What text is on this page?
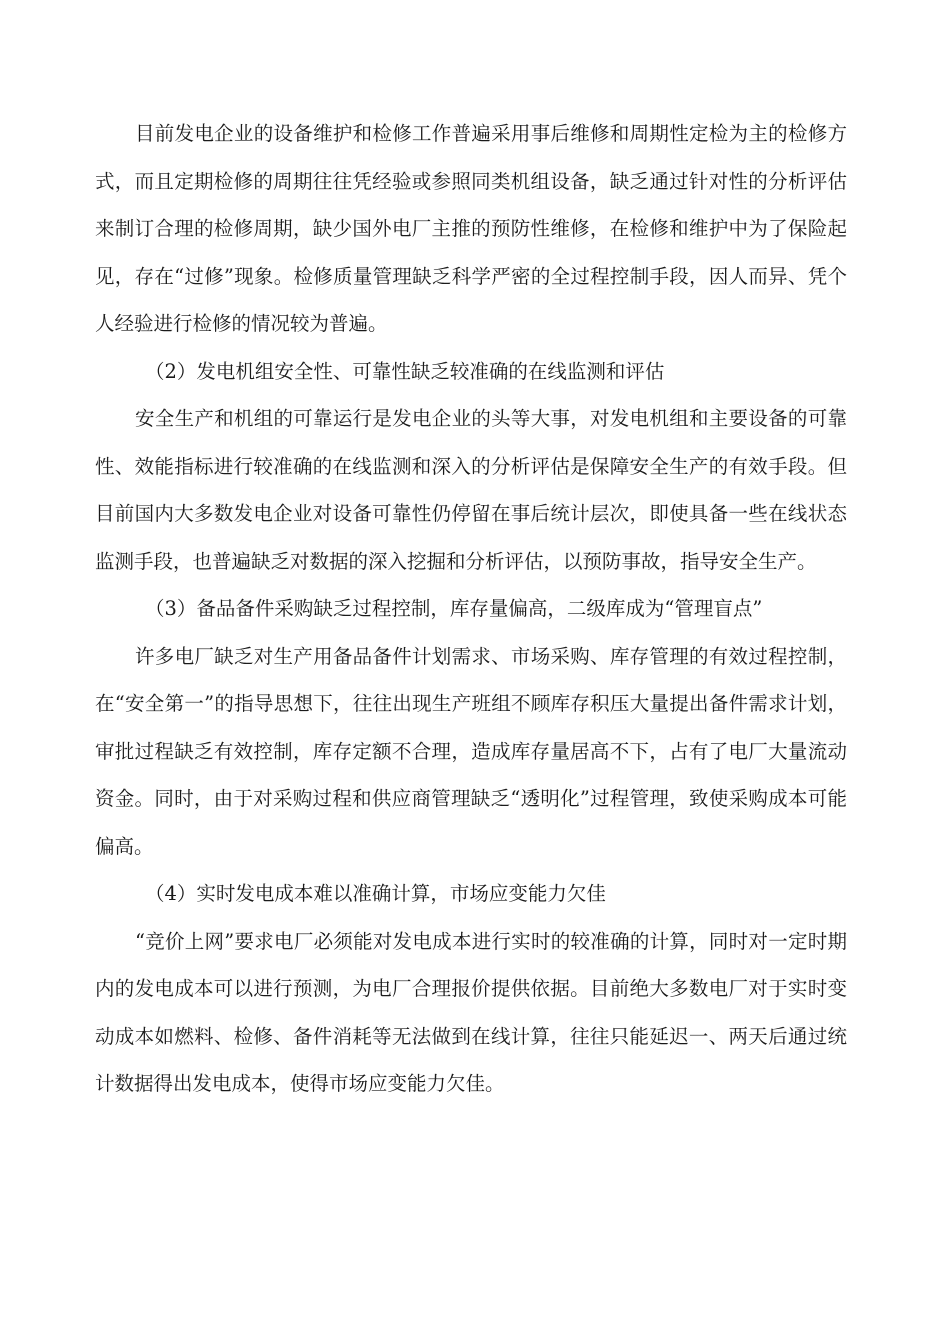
目前发电企业的设备维护和检修工作普遍采用事后维修和周期性定检为主的检修方式，而且定期检修的周期往往凭经验或参照同类机组设备，缺乏通过针对性的分析评估来制订合理的检修周期，缺少国外电厂主推的预防性维修，在检修和维护中为了保险起见，存在“过修”现象。检修质量管理缺乏科学严密的全过程控制手段，因人而异、凭个人经验进行检修的情况较为普遍。

（2）发电机组安全性、可靠性缺乏较准确的在线监测和评估

安全生产和机组的可靠运行是发电企业的头等大事，对发电机组和主要设备的可靠性、效能指标进行较准确的在线监测和深入的分析评估是保障安全生产的有效手段。但目前国内大多数发电企业对设备可靠性仍停留在事后统计层次，即使具备一些在线状态监测手段，也普遍缺乏对数据的深入挖掘和分析评估，以预防事故，指导安全生产。

（3）备品备件采购缺乏过程控制，库存量偏高，二级库成为“管理盲点”

许多电厂缺乏对生产用备品备件计划需求、市场采购、库存管理的有效过程控制，在“安全第一”的指导思想下，往往出现生产班组不顾库存积压大量提出备件需求计划，审批过程缺乏有效控制，库存定额不合理，造成库存量居高不下，占有了电厂大量流动资金。同时，由于对采购过程和供应商管理缺乏“透明化”过程管理，致使采购成本可能偏高。

（4）实时发电成本难以准确计算，市场应变能力欠佳

“竞价上网”要求电厂必须能对发电成本进行实时的较准确的计算，同时对一定时期内的发电成本可以进行预测，为电厂合理报价提供依据。目前绝大多数电厂对于实时变动成本如燃料、检修、备件消耗等无法做到在线计算，往往只能延迟一、两天后通过统计数据得出发电成本，使得市场应变能力欠佳。
